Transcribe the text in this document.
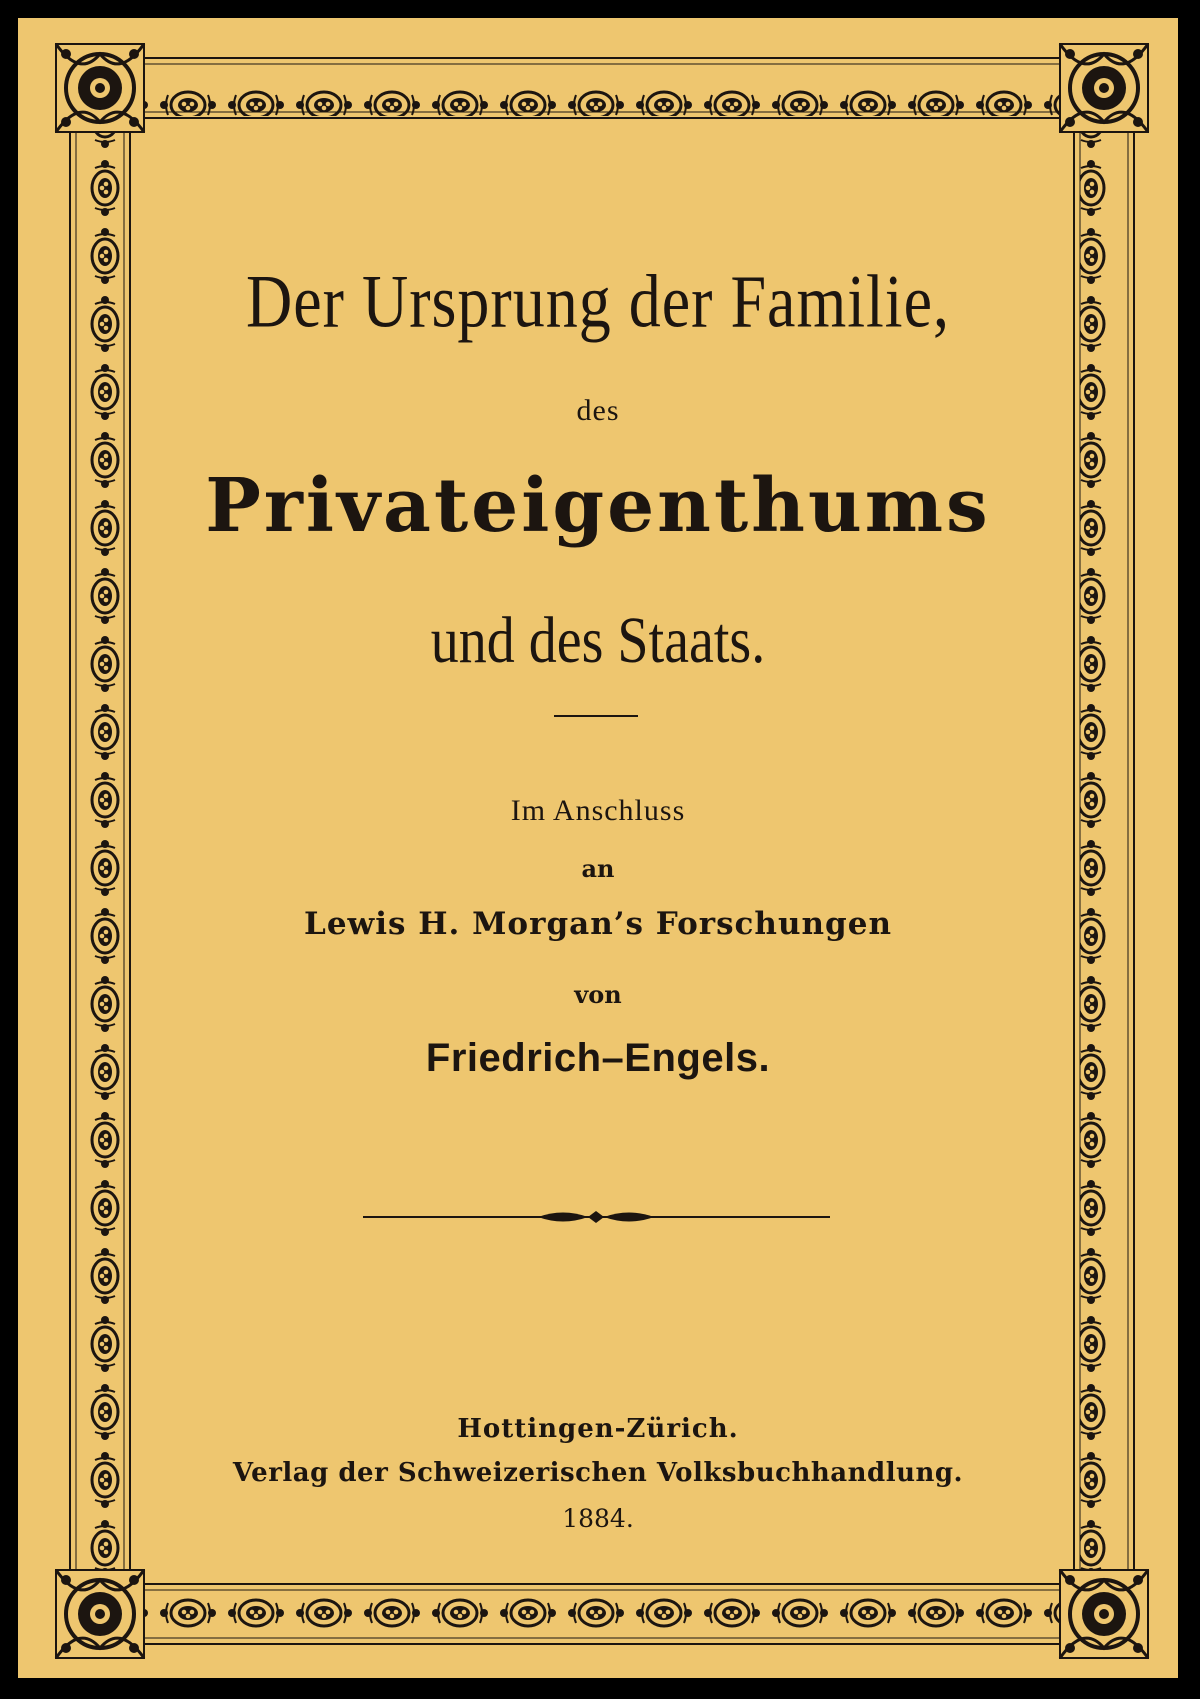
Der Ursprung der Familie,
des
Privateigenthums
und des Staats.
Im Anschluss
an
Lewis H. Morgan’s Forschungen
von
Friedrich–Engels.
Hottingen-Zürich.
Verlag der Schweizerischen Volksbuchhandlung.
1884.
